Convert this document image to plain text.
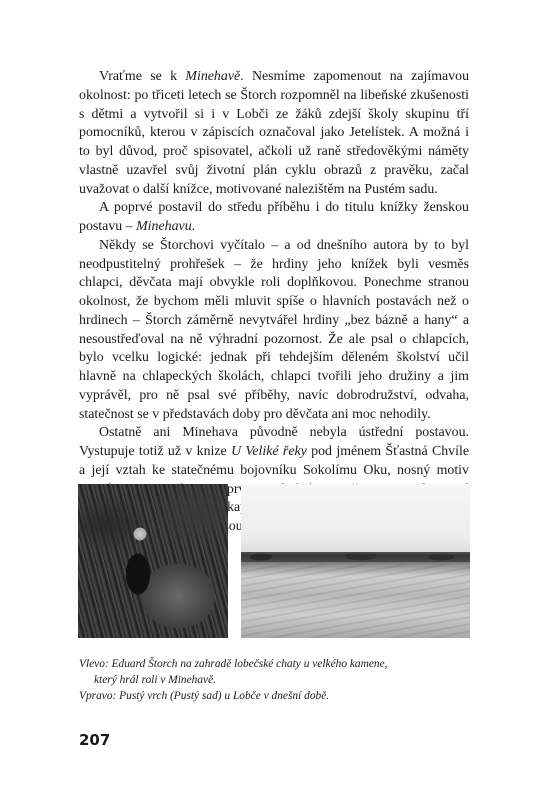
Vraťme se k Minehavě. Nesmíme zapomenout na zajímavou okolnost: po třiceti letech se Štorch rozpomněl na libeňské zkušenosti s dětmi a vytvořil si i v Lobči ze žáků zdejší školy skupinu tří pomocníků, kterou v zápiscích označoval jako Jetelístek. A možná i to byl důvod, proč spisovatel, ačkoli už raně středověkými náměty vlastně uzavřel svůj životní plán cyklu obrazů z pravěku, začal uvažovat o další knížce, motivované nalezištěm na Pustém sadu.

A poprvé postavil do středu příběhu i do titulu knížky ženskou postavu – Minehavu.

Někdy se Štorchovi vyčítalo – a od dnešního autora by to byl neodpustitelný prohřešek – že hrdiny jeho knížek byli vesměs chlapci, děvčata mají obvykle roli doplňkovou. Ponechme stranou okolnost, že bychom měli mluvit spíše o hlavních postavách než o hrdinech – Štorch záměrně nevytvářel hrdiny „bez bázně a hany“ a nesoustřeďoval na ně výhradní pozornost. Že ale psal o chlapcích, bylo vcelku logické: jednak při tehdejším děleném školství učil hlavně na chlapeckých školách, chlapci tvořili jeho družiny a jim vyprávěl, pro ně psal své příběhy, navíc dobrodružství, odvaha, statečnost se v představách doby pro děvčata ani moc nehodily.

Ostatně ani Minehava původně nebyla ústřední postavou. Vystupuje totiž už v knize U Veliké řeky pod jménem Šťastná Chvíle a její vztah ke statečnému bojovníku Sokolímu Oku, nosný motiv teprve

Vlevo: Eduard Štorch na zahradě lobečské chaty u velkého kamene,
který hrál roli v Minehavě.
Vpravo: Pustý vrch (Pustý sad) u Lobče v dnešní době.
207
